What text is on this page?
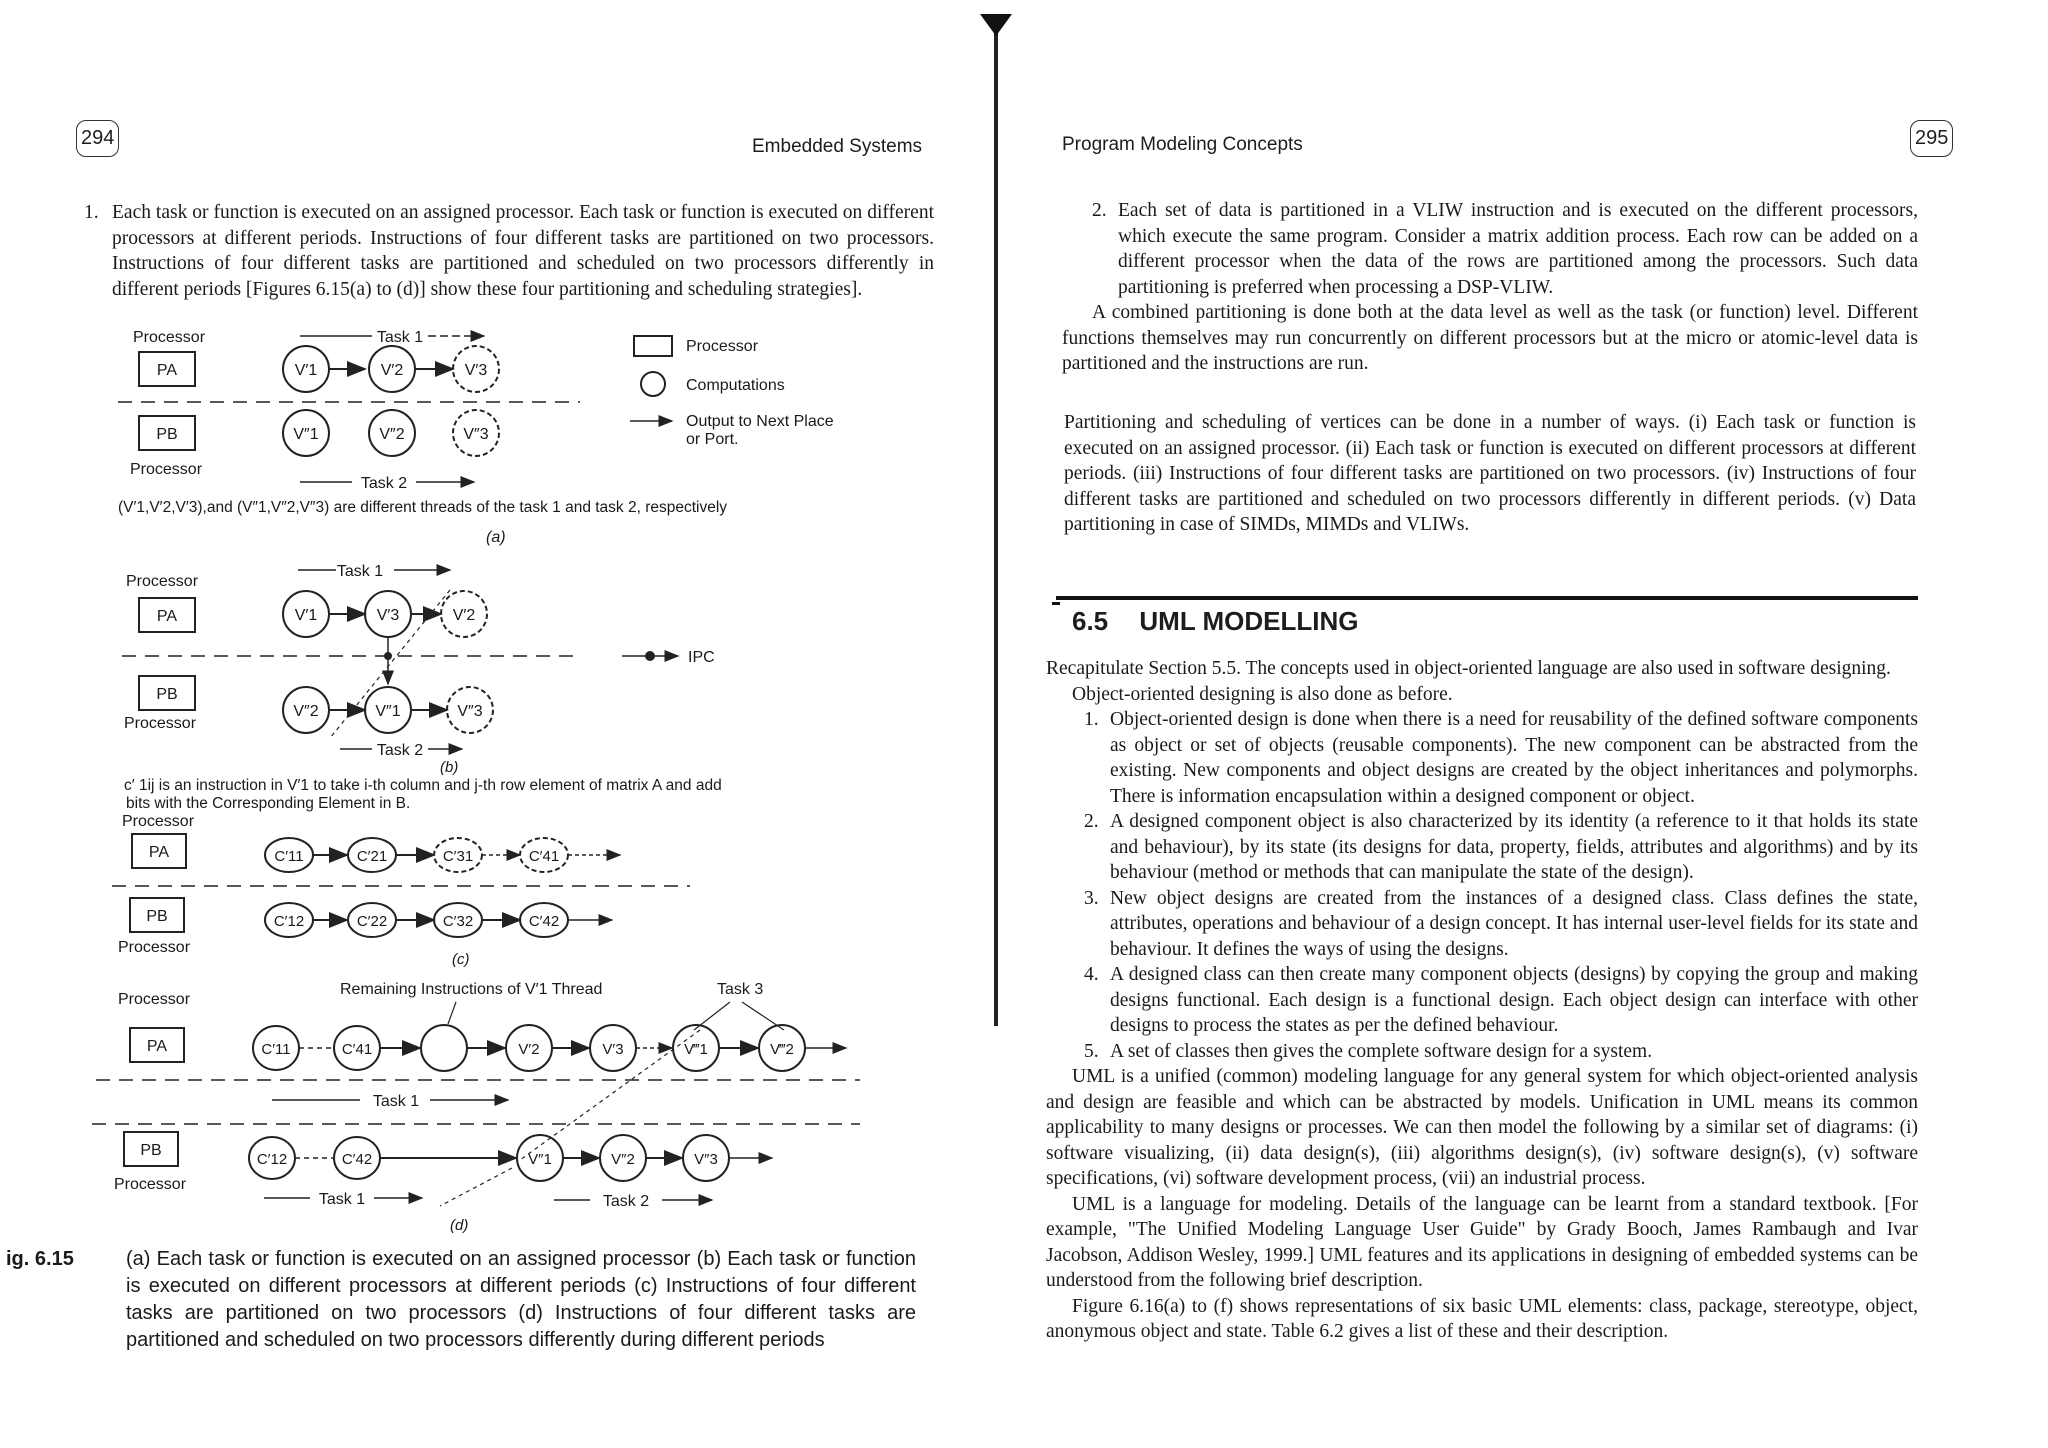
294	Embedded Systems
1. Each task or function is executed on an assigned processor. Each task or function is executed on different processors at different periods. Instructions of four different tasks are partitioned on two processors. Instructions of four different tasks are partitioned and scheduled on two processors differently in different periods [Figures 6.15(a) to (d)] show these four partitioning and scheduling strategies].
Processor
PA
Task 1
V′1	V′2	V′3
PB
Processor
V″1	V″2	V″3
Task 2
(V′1,V′2,V′3),and (V″1,V″2,V″3) are different threads of the task 1 and task 2, respectively
(a)
Processor
Computations
Output to Next Place
or Port.
Task 1
Processor
PA	V′1	V′3	V′2
IPC
PB
Processor
V″2	V″1	V″3
Task 2
(b)
c′ 1ij is an instruction in V′1 to take i-th column and j-th row element of matrix A and add
bits with the Corresponding Element in B.
Processor
PA	C′11	C′21	C′31	C′41
PB
Processor
C′12	C′22	C′32	C′42
(c)
Remaining Instructions of V′1 Thread	Task 3
Processor
PA	C′11	C′41	V′2	V′3	V‴1	V‴2
Task 1
PB
Processor
C′12	C′42	V″1	V″2	V″3
Task 1	Task 2
(d)
ig. 6.15	(a) Each task or function is executed on an assigned processor (b) Each task or function is executed on different processors at different periods (c) Instructions of four different tasks are partitioned on two processors (d) Instructions of four different tasks are partitioned and scheduled on two processors differently during different periods
Program Modeling Concepts	295
2. Each set of data is partitioned in a VLIW instruction and is executed on the different processors, which execute the same program. Consider a matrix addition process. Each row can be added on a different processor when the data of the rows are partitioned among the processors. Such data partitioning is preferred when processing a DSP-VLIW.

A combined partitioning is done both at the data level as well as the task (or function) level. Different functions themselves may run concurrently on different processors but at the micro or atomic-level data is partitioned and the instructions are run.

Partitioning and scheduling of vertices can be done in a number of ways. (i) Each task or function is executed on an assigned processor. (ii) Each task or function is executed on different processors at different periods. (iii) Instructions of four different tasks are partitioned on two processors. (iv) Instructions of four different tasks are partitioned and scheduled on two processors differently in different periods. (v) Data partitioning in case of SIMDs, MIMDs and VLIWs.
6.5 UML MODELLING

Recapitulate Section 5.5. The concepts used in object-oriented language are also used in software designing.

Object-oriented designing is also done as before.

1. Object-oriented design is done when there is a need for reusability of the defined software components as object or set of objects (reusable components). The new component can be abstracted from the existing. New components and object designs are created by the object inheritances and polymorphs. There is information encapsulation within a designed component or object.
2. A designed component object is also characterized by its identity (a reference to it that holds its state and behaviour), by its state (its designs for data, property, fields, attributes and algorithms) and by its behaviour (method or methods that can manipulate the state of the design).
3. New object designs are created from the instances of a designed class. Class defines the state, attributes, operations and behaviour of a design concept. It has internal user-level fields for its state and behaviour. It defines the ways of using the designs.
4. A designed class can then create many component objects (designs) by copying the group and making designs functional. Each design is a functional design. Each object design can interface with other designs to process the states as per the defined behaviour.
5. A set of classes then gives the complete software design for a system.

UML is a unified (common) modeling language for any general system for which object-oriented analysis and design are feasible and which can be abstracted by models. Unification in UML means its common applicability to many designs or processes. We can then model the following by a similar set of diagrams: (i) software visualizing, (ii) data design(s), (iii) algorithms design(s), (iv) software design(s), (v) software specifications, (vi) software development process, (vii) an industrial process.

UML is a language for modeling. Details of the language can be learnt from a standard textbook. [For example, "The Unified Modeling Language User Guide" by Grady Booch, James Rambaugh and Ivar Jacobson, Addison Wesley, 1999.] UML features and its applications in designing of embedded systems can be understood from the following brief description.

Figure 6.16(a) to (f) shows representations of six basic UML elements: class, package, stereotype, object, anonymous object and state. Table 6.2 gives a list of these and their description.
